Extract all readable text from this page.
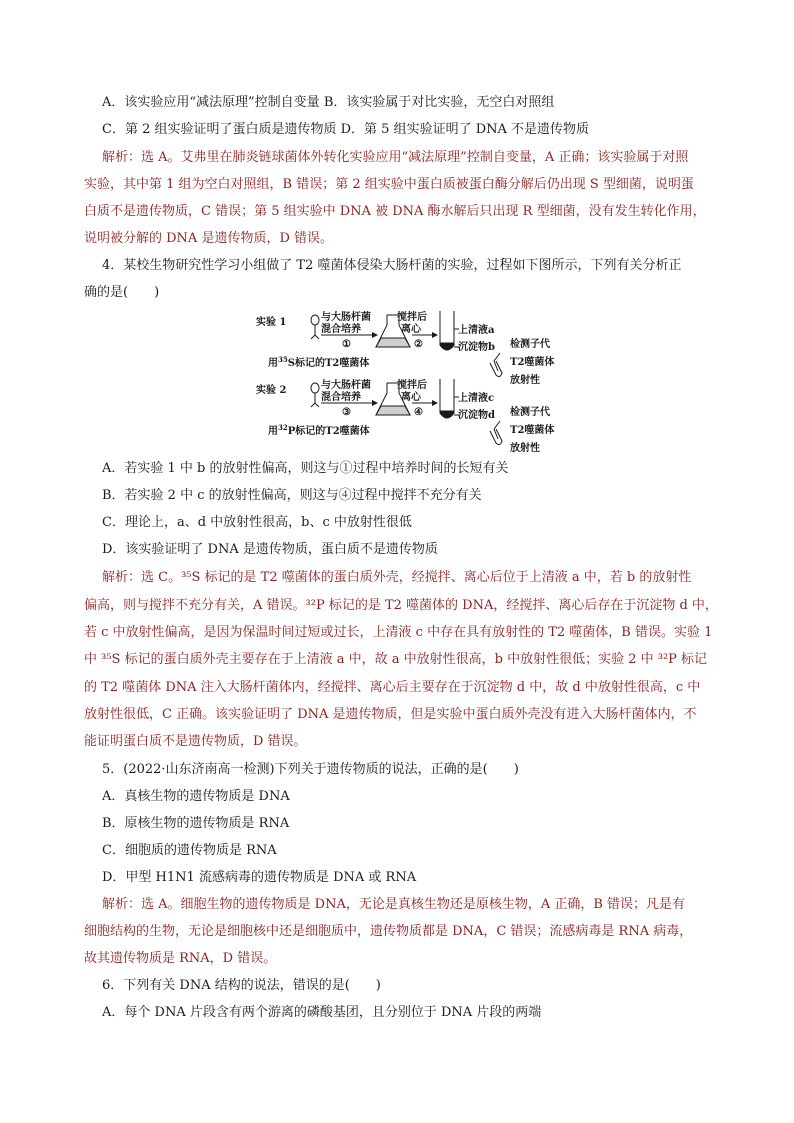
A．该实验应用“减法原理”控制自变量 B．该实验属于对比实验，无空白对照组
C．第 2 组实验证明了蛋白质是遗传物质 D．第 5 组实验证明了 DNA 不是遗传物质
解析：选 A。艾弗里在肺炎链球菌体外转化实验应用“减法原理”控制自变量，A 正确；该实验属于对照
实验，其中第 1 组为空白对照组，B 错误；第 2 组实验中蛋白质被蛋白酶分解后仍出现 S 型细菌，说明蛋
白质不是遗传物质，C 错误；第 5 组实验中 DNA 被 DNA 酶水解后只出现 R 型细菌，没有发生转化作用，
说明被分解的 DNA 是遗传物质，D 错误。
4．某校生物研究性学习小组做了 T2 噬菌体侵染大肠杆菌的实验，过程如下图所示，下列有关分析正
确的是(　　)
实验 1	与大肠杆菌
混合培养
①
搅拌后
离心
②
上清液a
沉淀物b 检测子代
T2噬菌体
放射性
用$^{35}$S标记的T2噬菌体
实验 2	与大肠杆菌
混合培养
③
搅拌后
离心
④
上清液c
沉淀物d 检测子代
T2噬菌体
放射性
用$^{32}$P标记的T2噬菌体
A．若实验 1 中 b 的放射性偏高，则这与①过程中培养时间的长短有关
B．若实验 2 中 c 的放射性偏高，则这与④过程中搅拌不充分有关
C．理论上，a、d 中放射性很高，b、c 中放射性很低
D．该实验证明了 DNA 是遗传物质，蛋白质不是遗传物质
解析：选 C。³⁵S 标记的是 T2 噬菌体的蛋白质外壳，经搅拌、离心后位于上清液 a 中，若 b 的放射性
偏高，则与搅拌不充分有关，A 错误。³²P 标记的是 T2 噬菌体的 DNA，经搅拌、离心后存在于沉淀物 d 中，
若 c 中放射性偏高，是因为保温时间过短或过长，上清液 c 中存在具有放射性的 T2 噬菌体，B 错误。实验 1
中 ³⁵S 标记的蛋白质外壳主要存在于上清液 a 中，故 a 中放射性很高，b 中放射性很低；实验 2 中 ³²P 标记
的 T2 噬菌体 DNA 注入大肠杆菌体内，经搅拌、离心后主要存在于沉淀物 d 中，故 d 中放射性很高，c 中
放射性很低，C 正确。该实验证明了 DNA 是遗传物质，但是实验中蛋白质外壳没有进入大肠杆菌体内，不
能证明蛋白质不是遗传物质，D 错误。
5．(2022·山东济南高一检测)下列关于遗传物质的说法，正确的是(　　)
A．真核生物的遗传物质是 DNA
B．原核生物的遗传物质是 RNA
C．细胞质的遗传物质是 RNA
D．甲型 H1N1 流感病毒的遗传物质是 DNA 或 RNA
解析：选 A。细胞生物的遗传物质是 DNA，无论是真核生物还是原核生物，A 正确，B 错误；凡是有
细胞结构的生物，无论是细胞核中还是细胞质中，遗传物质都是 DNA，C 错误；流感病毒是 RNA 病毒，
故其遗传物质是 RNA，D 错误。
6．下列有关 DNA 结构的说法，错误的是(　　)
A．每个 DNA 片段含有两个游离的磷酸基团，且分别位于 DNA 片段的两端
